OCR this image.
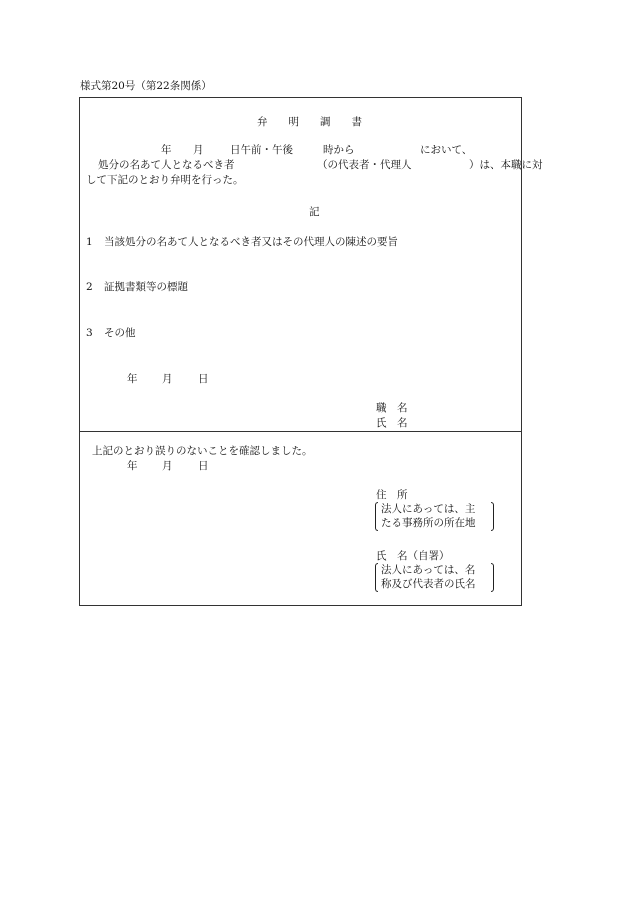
様式第20号（第22条関係）
弁　　明　　調　　書
年 月	日午前・午後	時から	において、
処分の名あて人となるべき者	（の代表者・代理人	）は、本職に対
して下記のとおり弁明を行った。
記
1 当該処分の名あて人となるべき者又はその代理人の陳述の要旨
2 証拠書類等の標題
3 その他
年 月 日
職　名
氏　名
上記のとおり誤りのないことを確認しました。
年 月 日
住　所
法人にあっては、主
たる事務所の所在地
氏　名（自署）
法人にあっては、名
称及び代表者の氏名
